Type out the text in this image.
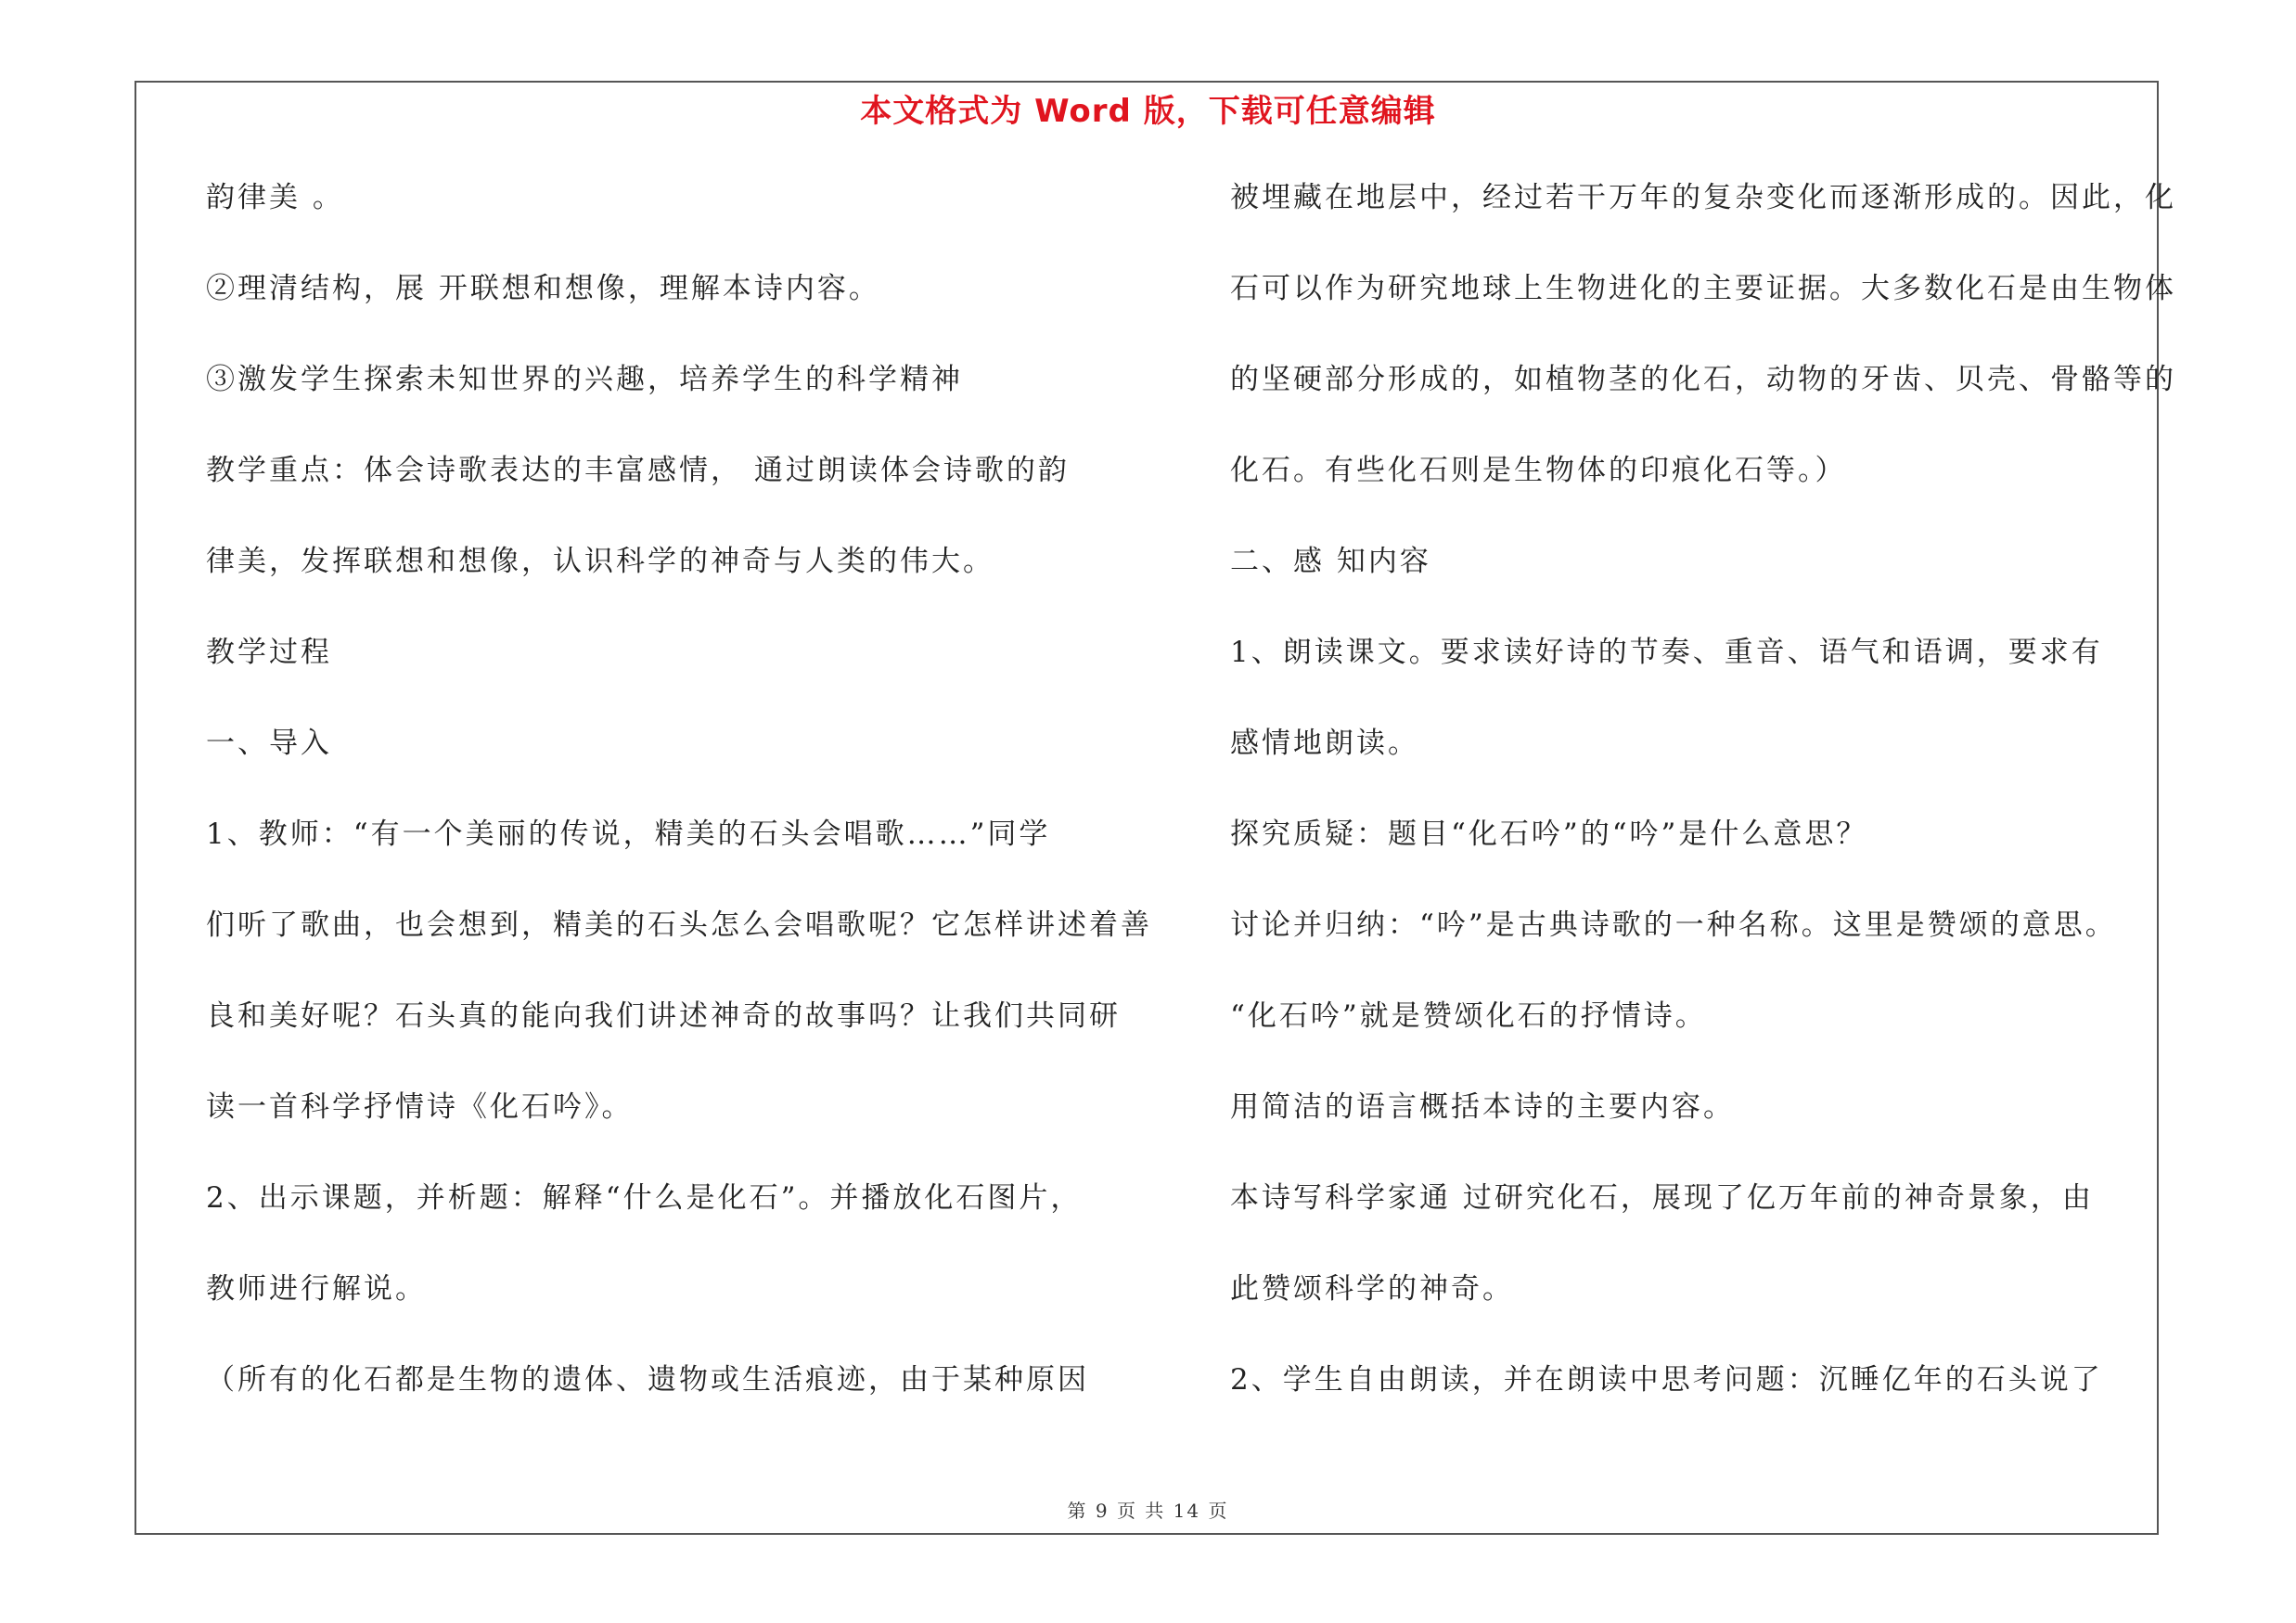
本文格式为 Word 版，下载可任意编辑
韵律美 。
②理清结构，展 开联想和想像，理解本诗内容。
③激发学生探索未知世界的兴趣，培养学生的科学精神
教学重点：体会诗歌表达的丰富感情， 通过朗读体会诗歌的韵
律美，发挥联想和想像，认识科学的神奇与人类的伟大。
教学过程
一、导入
1、教师：“有一个美丽的传说，精美的石头会唱歌……”同学
们听了歌曲，也会想到，精美的石头怎么会唱歌呢？它怎样讲述着善
良和美好呢？石头真的能向我们讲述神奇的故事吗？让我们共同研
读一首科学抒情诗《化石吟》。
2、出示课题，并析题：解释“什么是化石”。并播放化石图片，
教师进行解说。
（所有的化石都是生物的遗体、遗物或生活痕迹，由于某种原因
被埋藏在地层中，经过若干万年的复杂变化而逐渐形成的。因此，化
石可以作为研究地球上生物进化的主要证据。大多数化石是由生物体
的坚硬部分形成的，如植物茎的化石，动物的牙齿、贝壳、骨骼等的
化石。有些化石则是生物体的印痕化石等。）
二、感 知内容
1、朗读课文。要求读好诗的节奏、重音、语气和语调，要求有
感情地朗读。
探究质疑：题目“化石吟”的“吟”是什么意思？
讨论并归纳：“吟”是古典诗歌的一种名称。这里是赞颂的意思。
“化石吟”就是赞颂化石的抒情诗。
用简洁的语言概括本诗的主要内容。
本诗写科学家通 过研究化石，展现了亿万年前的神奇景象，由
此赞颂科学的神奇。
2、学生自由朗读，并在朗读中思考问题：沉睡亿年的石头说了
第 9 页 共 14 页
